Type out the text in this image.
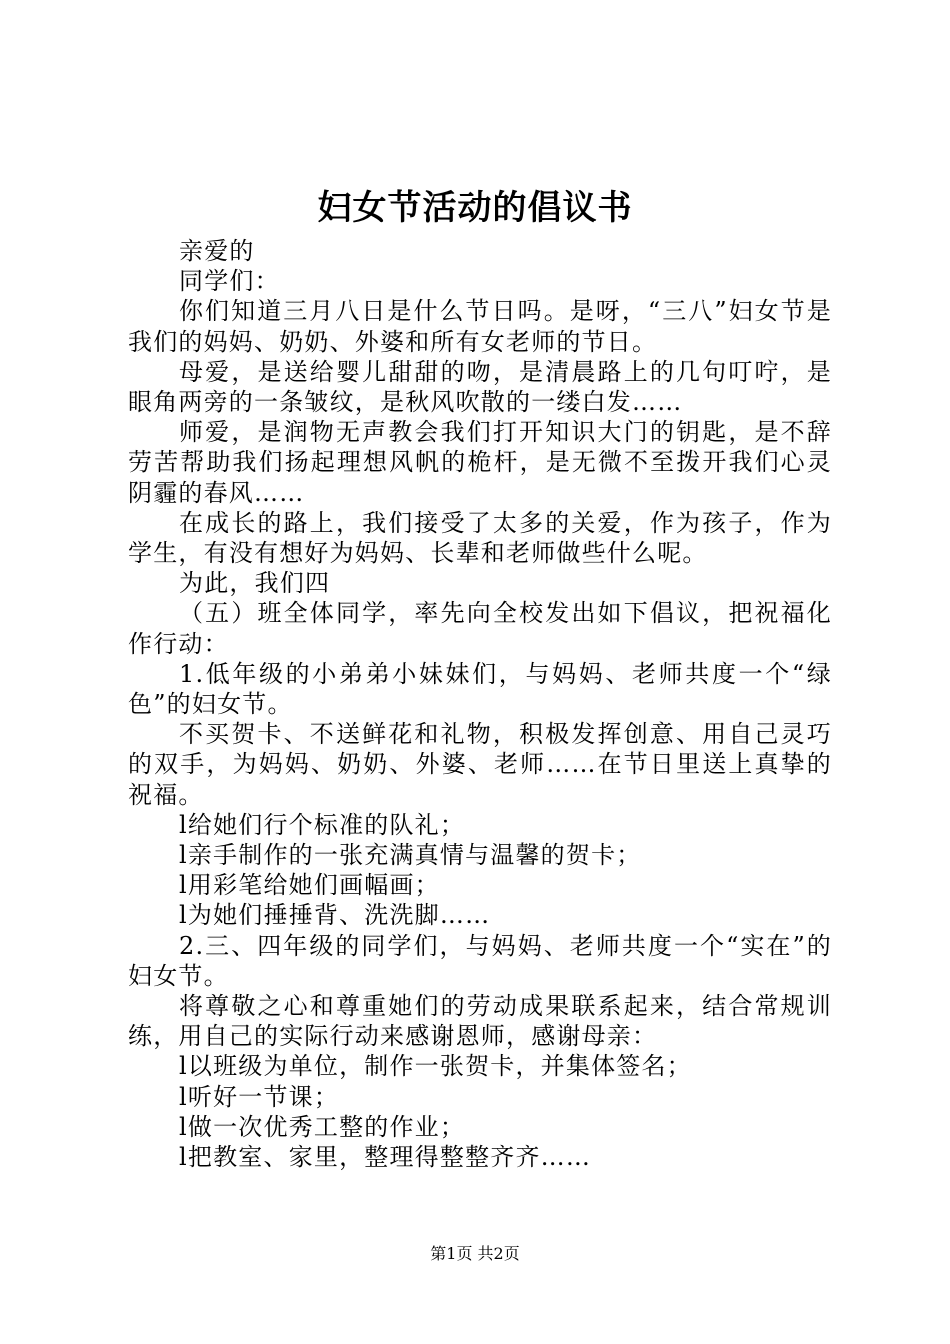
妇女节活动的倡议书

亲爱的

同学们：

你们知道三月八日是什么节日吗。是呀，“三八”妇女节是我们的妈妈、奶奶、外婆和所有女老师的节日。

母爱，是送给婴儿甜甜的吻，是清晨路上的几句叮咛，是眼角两旁的一条皱纹，是秋风吹散的一缕白发……

师爱，是润物无声教会我们打开知识大门的钥匙，是不辞劳苦帮助我们扬起理想风帆的桅杆，是无微不至拨开我们心灵阴霾的春风……

在成长的路上，我们接受了太多的关爱，作为孩子，作为学生，有没有想好为妈妈、长辈和老师做些什么呢。

为此，我们四

（五）班全体同学，率先向全校发出如下倡议，把祝福化作行动：

1.低年级的小弟弟小妹妹们，与妈妈、老师共度一个“绿色”的妇女节。

不买贺卡、不送鲜花和礼物，积极发挥创意、用自己灵巧的双手，为妈妈、奶奶、外婆、老师……在节日里送上真挚的祝福。

l给她们行个标准的队礼；

l亲手制作的一张充满真情与温馨的贺卡；

l用彩笔给她们画幅画；

l为她们捶捶背、洗洗脚……

2.三、四年级的同学们，与妈妈、老师共度一个“实在”的妇女节。

将尊敬之心和尊重她们的劳动成果联系起来，结合常规训练，用自己的实际行动来感谢恩师，感谢母亲：

l以班级为单位，制作一张贺卡，并集体签名；

l听好一节课；

l做一次优秀工整的作业；

l把教室、家里，整理得整整齐齐……

第1页 共2页
